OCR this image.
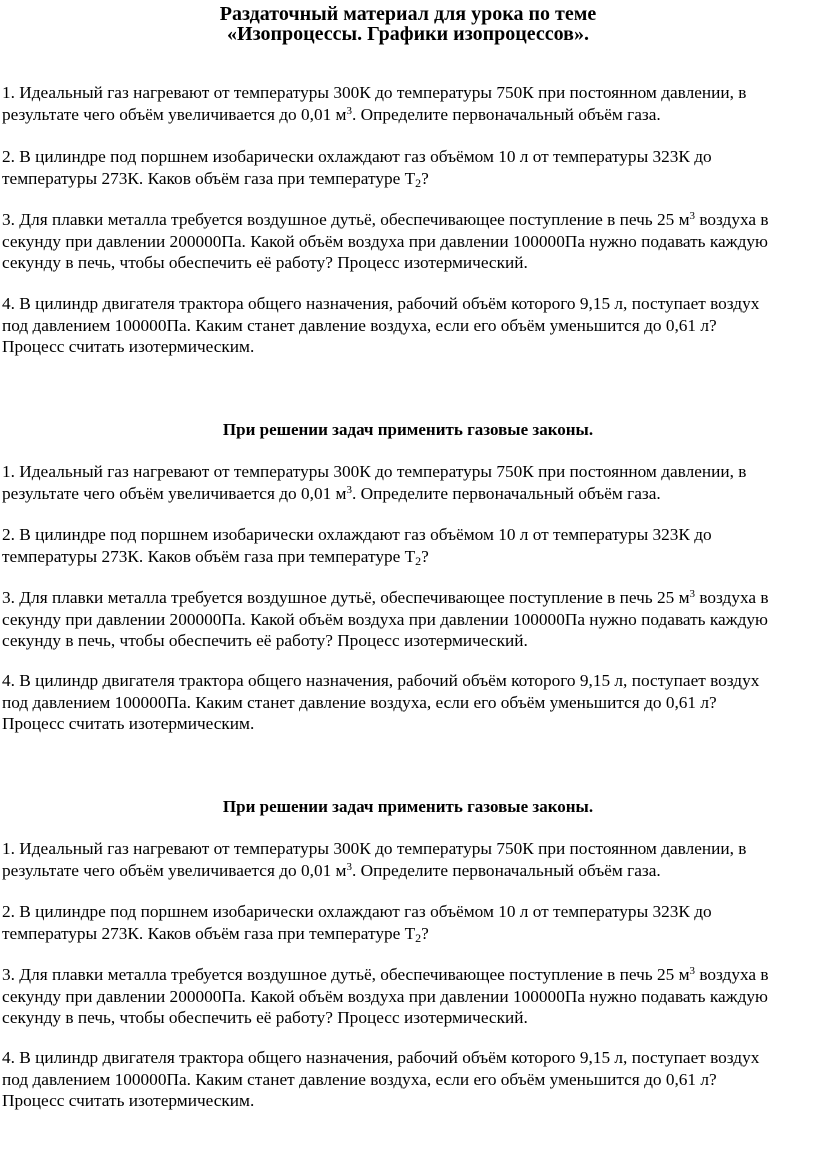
Раздаточный материал для урока по теме
«Изопроцессы. Графики изопроцессов».
1. Идеальный газ нагревают от температуры 300К до температуры 750К при постоянном давлении, в
результате чего объём увеличивается до 0,01 $м^3$. Определите первоначальный объём газа.
2. В цилиндре под поршнем изобарически охлаждают газ объёмом 10 л от температуры 323К до
температуры 273К. Каков объём газа при температуре $Т_2$?
3. Для плавки металла требуется воздушное дутьё, обеспечивающее поступление в печь 25 $м^3$ воздуха в
секунду при давлении 200000Па. Какой объём воздуха при давлении 100000Па нужно подавать каждую
секунду в печь, чтобы обеспечить её работу? Процесс изотермический.
4. В цилиндр двигателя трактора общего назначения, рабочий объём которого 9,15 л, поступает воздух
под давлением 100000Па. Каким станет давление воздуха, если его объём уменьшится до 0,61 л?
Процесс считать изотермическим.
При решении задач применить газовые законы.
1. Идеальный газ нагревают от температуры 300К до температуры 750К при постоянном давлении, в
результате чего объём увеличивается до 0,01 $м^3$. Определите первоначальный объём газа.
2. В цилиндре под поршнем изобарически охлаждают газ объёмом 10 л от температуры 323К до
температуры 273К. Каков объём газа при температуре $Т_2$?
3. Для плавки металла требуется воздушное дутьё, обеспечивающее поступление в печь 25 $м^3$ воздуха в
секунду при давлении 200000Па. Какой объём воздуха при давлении 100000Па нужно подавать каждую
секунду в печь, чтобы обеспечить её работу? Процесс изотермический.
4. В цилиндр двигателя трактора общего назначения, рабочий объём которого 9,15 л, поступает воздух
под давлением 100000Па. Каким станет давление воздуха, если его объём уменьшится до 0,61 л?
Процесс считать изотермическим.
При решении задач применить газовые законы.
1. Идеальный газ нагревают от температуры 300К до температуры 750К при постоянном давлении, в
результате чего объём увеличивается до 0,01 $м^3$. Определите первоначальный объём газа.
2. В цилиндре под поршнем изобарически охлаждают газ объёмом 10 л от температуры 323К до
температуры 273К. Каков объём газа при температуре $Т_2$?
3. Для плавки металла требуется воздушное дутьё, обеспечивающее поступление в печь 25 $м^3$ воздуха в
секунду при давлении 200000Па. Какой объём воздуха при давлении 100000Па нужно подавать каждую
секунду в печь, чтобы обеспечить её работу? Процесс изотермический.
4. В цилиндр двигателя трактора общего назначения, рабочий объём которого 9,15 л, поступает воздух
под давлением 100000Па. Каким станет давление воздуха, если его объём уменьшится до 0,61 л?
Процесс считать изотермическим.
